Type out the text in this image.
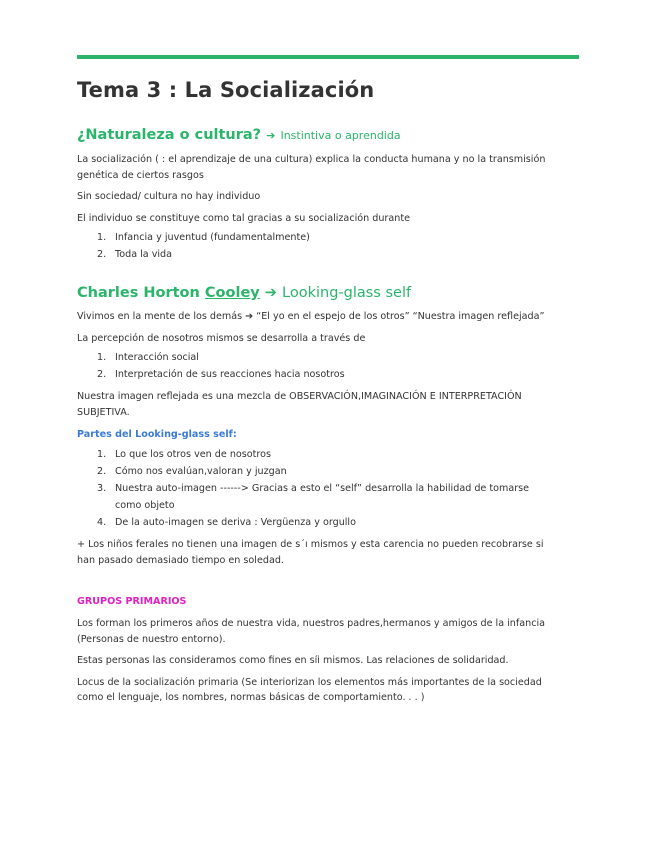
Tema 3 : La Socialización
¿Naturaleza o cultura? ➔ Instintiva o aprendida

La socialización ( : el aprendizaje de una cultura) explica la conducta humana y no la transmisión
genética de ciertos rasgos

Sin sociedad/ cultura no hay individuo

El individuo se constituye como tal gracias a su socialización durante

1. Infancia y juventud (fundamentalmente)
2. Toda la vida
Charles Horton Cooley ➔ Looking-glass self

Vivimos en la mente de los demás ➔ “El yo en el espejo de los otros” “Nuestra imagen reflejada”

La percepción de nosotros mismos se desarrolla a través de

1. Interacción social
2. Interpretación de sus reacciones hacia nosotros

Nuestra imagen reflejada es una mezcla de OBSERVACIÓN,IMAGINACIÓN E INTERPRETACIÓN
SUBJETIVA.

Partes del Looking-glass self:
1. Lo que los otros ven de nosotros
2. Cómo nos evalúan,valoran y juzgan
3. Nuestra auto-imagen ------> Gracias a esto el “self” desarrolla la habilidad de tomarse
como objeto
4. De la auto-imagen se deriva : Vergüenza y orgullo

+ Los niños ferales no tienen una imagen de s´ı mismos y esta carencia no pueden recobrarse si
han pasado demasiado tiempo en soledad.

GRUPOS PRIMARIOS

Los forman los primeros años de nuestra vida, nuestros padres,hermanos y amigos de la infancia
(Personas de nuestro entorno).

Estas personas las consideramos como fines en síi mismos. Las relaciones de solidaridad.

Locus de la socialización primaria (Se interiorizan los elementos más importantes de la sociedad
como el lenguaje, los nombres, normas básicas de comportamiento. . . )
